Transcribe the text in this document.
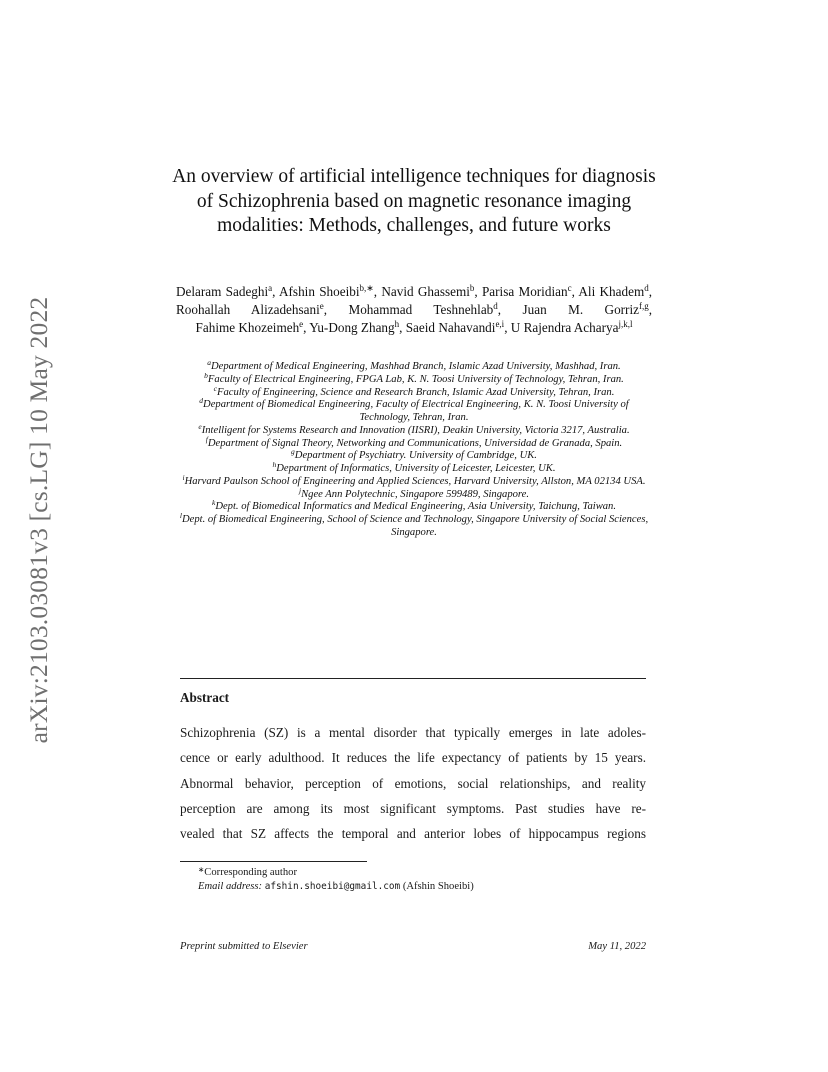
arXiv:2103.03081v3 [cs.LG] 10 May 2022
An overview of artificial intelligence techniques for diagnosis of Schizophrenia based on magnetic resonance imaging modalities: Methods, challenges, and future works
Delaram Sadeghi$^a$, Afshin Shoeibi$^{b,∗}$, Navid Ghassemi$^b$, Parisa Moridian$^c$, Ali Khadem$^d$, Roohallah Alizadehsani$^e$, Mohammad Teshnehlab$^d$, Juan M. Gorriz$^{f,g}$, Fahime Khozeimeh$^e$, Yu-Dong Zhang$^h$, Saeid Nahavandi$^{e,i}$, U Rajendra Acharya$^{j,k,l}$
$^a$Department of Medical Engineering, Mashhad Branch, Islamic Azad University, Mashhad, Iran.
$^b$Faculty of Electrical Engineering, FPGA Lab, K. N. Toosi University of Technology, Tehran, Iran.
$^c$Faculty of Engineering, Science and Research Branch, Islamic Azad University, Tehran, Iran.
$^d$Department of Biomedical Engineering, Faculty of Electrical Engineering, K. N. Toosi University of Technology, Tehran, Iran.
$^e$Intelligent for Systems Research and Innovation (IISRI), Deakin University, Victoria 3217, Australia.
$^f$Department of Signal Theory, Networking and Communications, Universidad de Granada, Spain.
$^g$Department of Psychiatry. University of Cambridge, UK.
$^h$Department of Informatics, University of Leicester, Leicester, UK.
$^i$Harvard Paulson School of Engineering and Applied Sciences, Harvard University, Allston, MA 02134 USA.
$^j$Ngee Ann Polytechnic, Singapore 599489, Singapore.
$^k$Dept. of Biomedical Informatics and Medical Engineering, Asia University, Taichung, Taiwan.
$^l$Dept. of Biomedical Engineering, School of Science and Technology, Singapore University of Social Sciences, Singapore.
Abstract
Schizophrenia (SZ) is a mental disorder that typically emerges in late adoles-
cence or early adulthood. It reduces the life expectancy of patients by 15 years.
Abnormal behavior, perception of emotions, social relationships, and reality
perception are among its most significant symptoms. Past studies have re-
vealed that SZ affects the temporal and anterior lobes of hippocampus regions
∗Corresponding author
Email address: afshin.shoeibi@gmail.com (Afshin Shoeibi)
Preprint submitted to Elsevier	May 11, 2022
